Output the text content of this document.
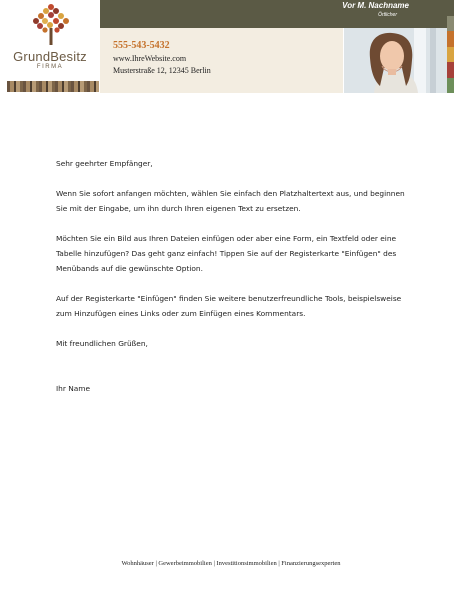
GrundBesitz
FIRMA
Vor M. Nachname
Örtlicher
555-543-5432
www.IhreWebsite.com
Musterstraße 12, 12345 Berlin

Sehr geehrter Empfänger,

Wenn Sie sofort anfangen möchten, wählen Sie einfach den Platzhaltertext aus, und beginnen Sie mit der Eingabe, um ihn durch Ihren eigenen Text zu ersetzen.

Möchten Sie ein Bild aus Ihren Dateien einfügen oder aber eine Form, ein Textfeld oder eine Tabelle hinzufügen? Das geht ganz einfach! Tippen Sie auf der Registerkarte "Einfügen" des Menübands auf die gewünschte Option.

Auf der Registerkarte "Einfügen" finden Sie weitere benutzerfreundliche Tools, beispielsweise zum Hinzufügen eines Links oder zum Einfügen eines Kommentars.

Mit freundlichen Grüßen,

Ihr Name

Wohnhäuser | Gewerbeimmobilien | Investitionsimmobilien | Finanzierungsexperten
